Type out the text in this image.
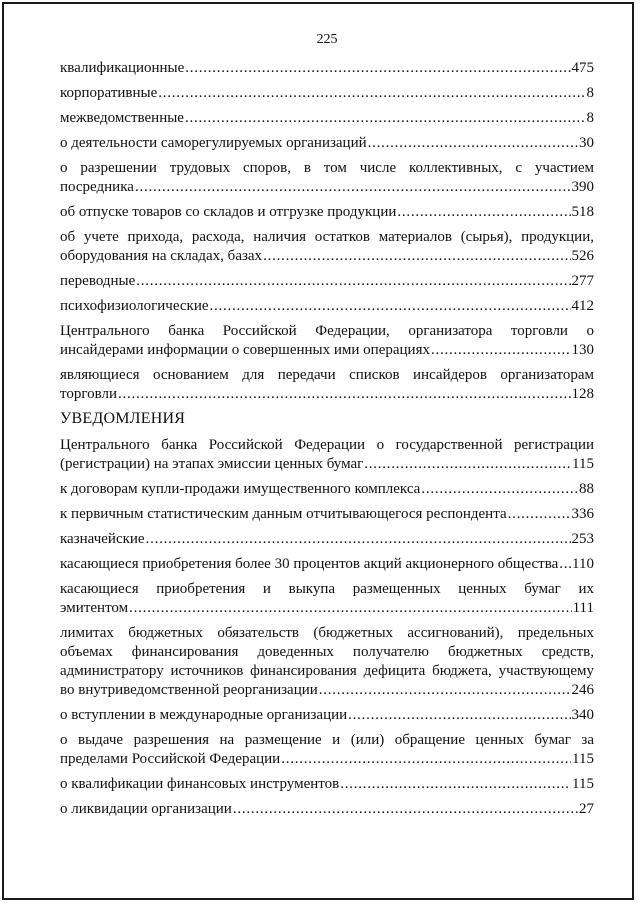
225
квалификационные . . .	475
корпоративные . . .	8
межведомственные . . .	8
о деятельности саморегулируемых организаций . . .	30
о разрешении трудовых споров, в том числе коллективных, с участием
посредника . . .	390
об отпуске товаров со складов и отгрузке продукции . . .	518
об учете прихода, расхода, наличия остатков материалов (сырья), продукции,
оборудования на складах, базах . . .	526
переводные . . .	277
психофизиологические . . .	412
Центрального банка Российской Федерации, организатора торговли о
инсайдерами информации о совершенных ими операциях . . .	130
являющиеся основанием для передачи списков инсайдеров организаторам
торговли . . .	128
УВЕДОМЛЕНИЯ
Центрального банка Российской Федерации о государственной регистрации
(регистрации) на этапах эмиссии ценных бумаг . . .	115
к договорам купли-продажи имущественного комплекса . . .	88
к первичным статистическим данным отчитывающегося респондента . . .	336
казначейские . . .	253
касающиеся приобретения более 30 процентов акций акционерного общества . . . 110
касающиеся приобретения и выкупа размещенных ценных бумаг их
эмитентом . . .	111
лимитах бюджетных обязательств (бюджетных ассигнований), предельных
объемах финансирования доведенных получателю бюджетных средств,
администратору источников финансирования дефицита бюджета, участвующему
во внутриведомственной реорганизации . . .	246
о вступлении в международные организации . . .	340
о выдаче разрешения на размещение и (или) обращение ценных бумаг за
пределами Российской Федерации . . .	115
о квалификации финансовых инструментов . . .	115
о ликвидации организации . . .	27
